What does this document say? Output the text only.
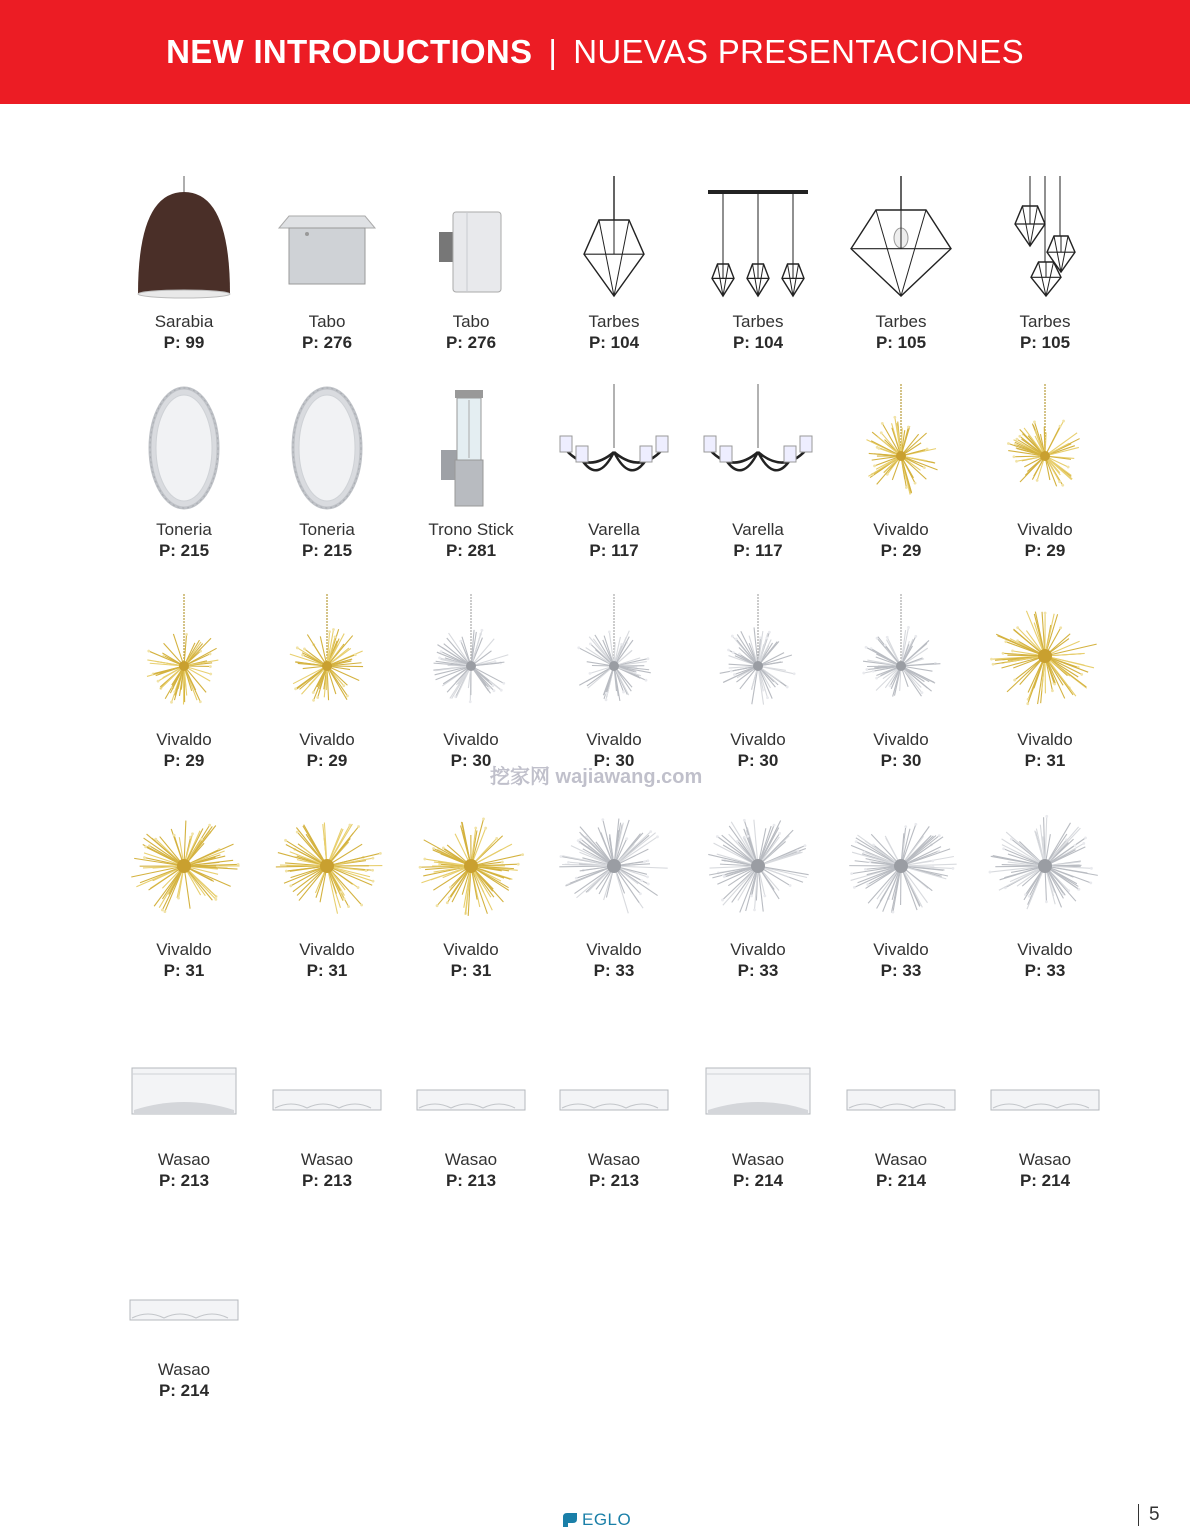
NEW INTRODUCTIONS | NUEVAS PRESENTACIONES
Sarabia
P: 99
Tabo
P: 276
Tabo
P: 276
Tarbes
P: 104
Tarbes
P: 104
Tarbes
P: 105
Tarbes
P: 105
Toneria
P: 215
Toneria
P: 215
Trono Stick
P: 281
Varella
P: 117
Varella
P: 117
Vivaldo
P: 29
Vivaldo
P: 29
Vivaldo
P: 29
Vivaldo
P: 29
Vivaldo
P: 30
Vivaldo
P: 30
Vivaldo
P: 30
Vivaldo
P: 30
Vivaldo
P: 31
Vivaldo
P: 31
Vivaldo
P: 31
Vivaldo
P: 31
Vivaldo
P: 33
Vivaldo
P: 33
Vivaldo
P: 33
Vivaldo
P: 33
Wasao
P: 213
Wasao
P: 213
Wasao
P: 213
Wasao
P: 213
Wasao
P: 214
Wasao
P: 214
Wasao
P: 214
Wasao
P: 214
挖家网 wajiawang.com
EGLO	5
